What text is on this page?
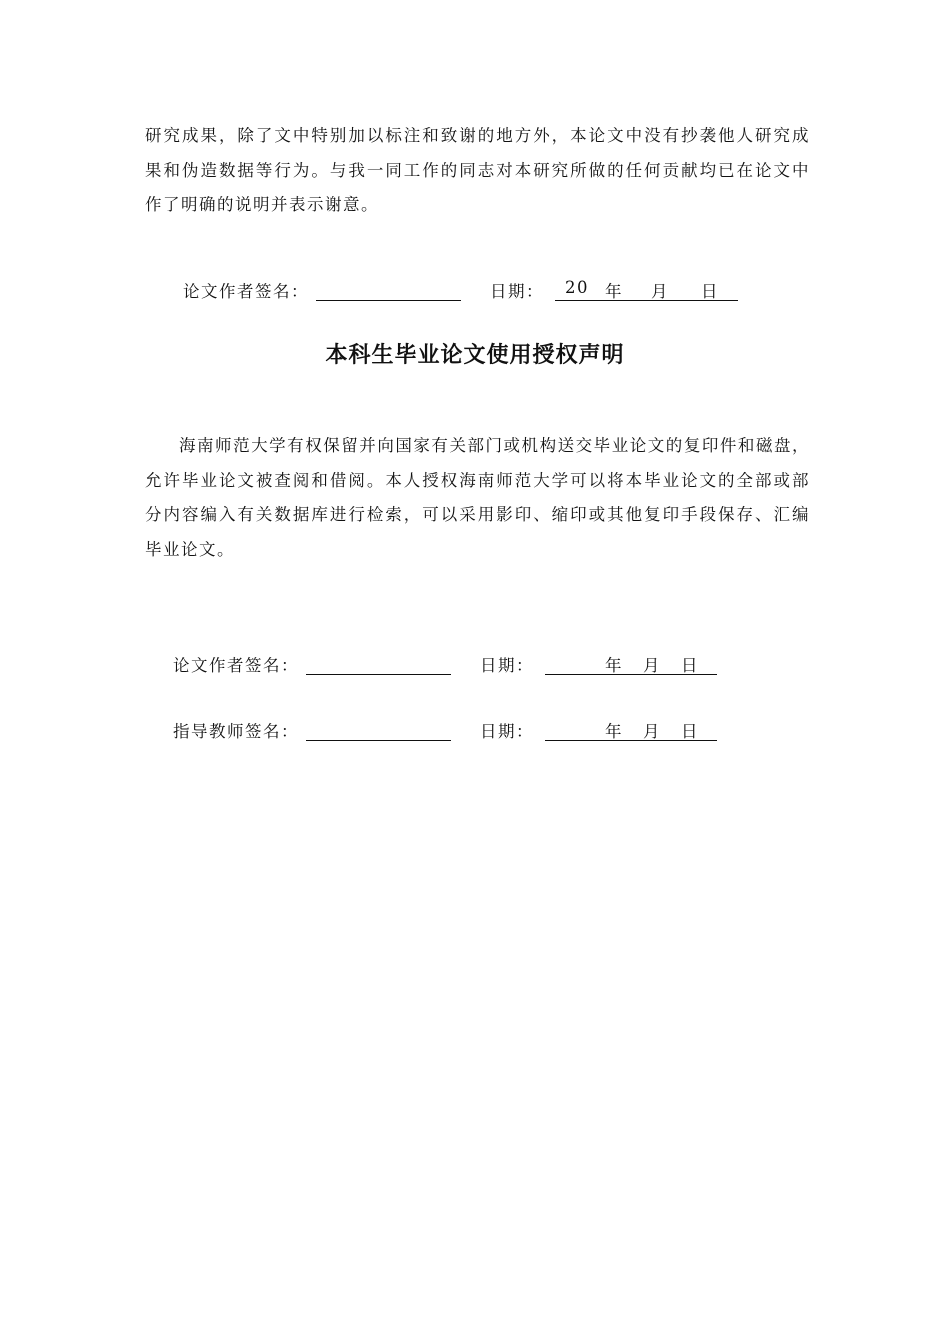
研究成果，除了文中特别加以标注和致谢的地方外，本论文中没有抄袭他人研究成果和伪造数据等行为。与我一同工作的同志对本研究所做的任何贡献均已在论文中作了明确的说明并表示谢意。

论文作者签名：	日期： 20 年 月 日
本科生毕业论文使用授权声明

海南师范大学有权保留并向国家有关部门或机构送交毕业论文的复印件和磁盘，允许毕业论文被查阅和借阅。本人授权海南师范大学可以将本毕业论文的全部或部分内容编入有关数据库进行检索，可以采用影印、缩印或其他复印手段保存、汇编毕业论文。

论文作者签名：	日期：	年 月 日
指导教师签名：	日期：	年 月 日
